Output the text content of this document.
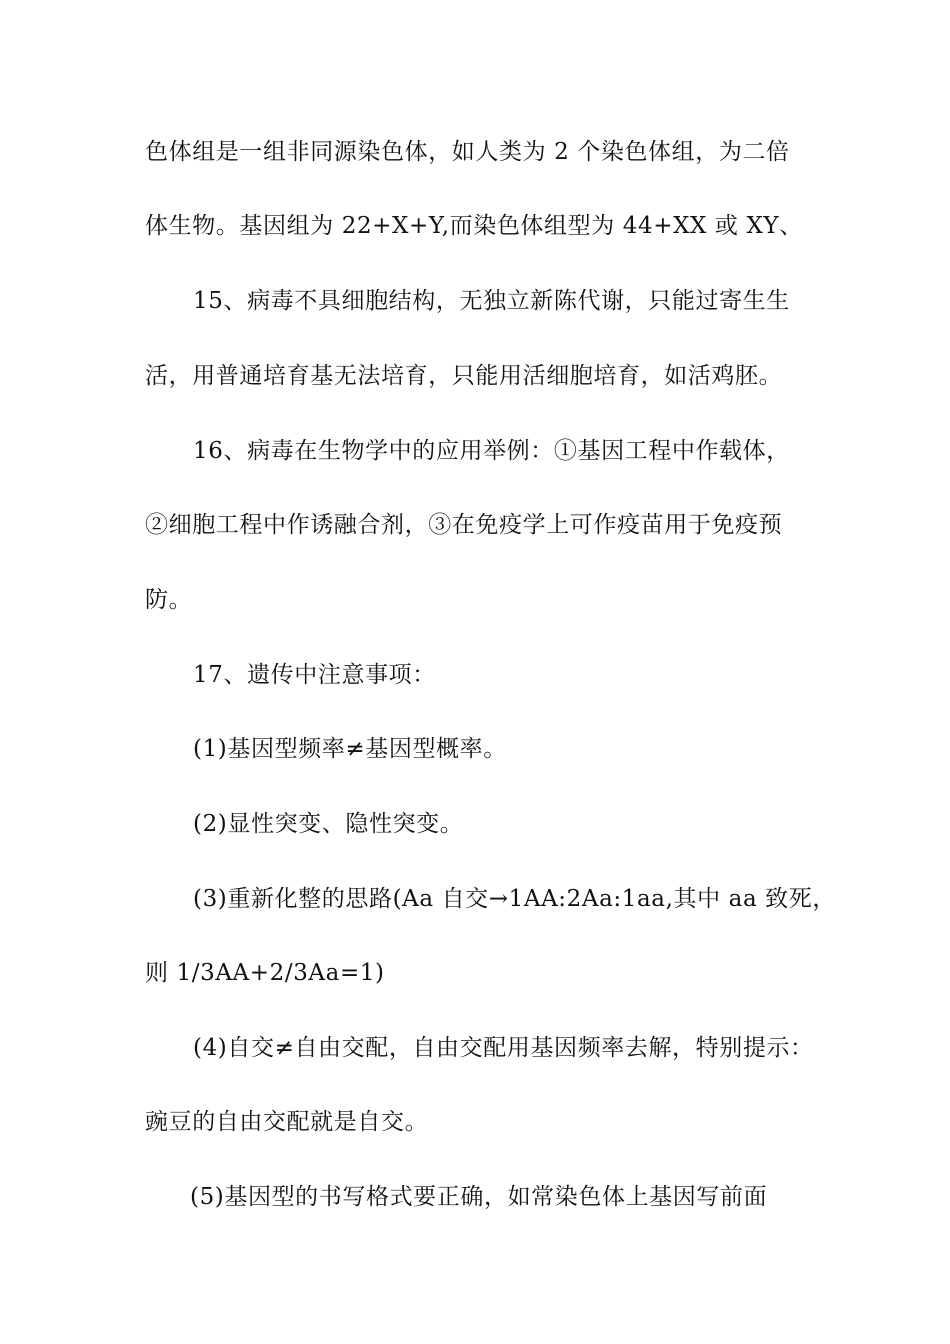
色体组是一组非同源染色体，如人类为 2 个染色体组，为二倍
体生物。基因组为 22+X+Y,而染色体组型为 44+XX 或 XY、
15、病毒不具细胞结构，无独立新陈代谢，只能过寄生生
活，用普通培育基无法培育，只能用活细胞培育，如活鸡胚。
16、病毒在生物学中的应用举例：①基因工程中作载体，
②细胞工程中作诱融合剂，③在免疫学上可作疫苗用于免疫预
防。
17、遗传中注意事项：
(1)基因型频率≠基因型概率。
(2)显性突变、隐性突变。
(3)重新化整的思路(Aa 自交→1AA:2Aa:1aa,其中 aa 致死，
则 1/3AA+2/3Aa=1)
(4)自交≠自由交配，自由交配用基因频率去解，特别提示：
豌豆的自由交配就是自交。
(5)基因型的书写格式要正确，如常染色体上基因写前面
